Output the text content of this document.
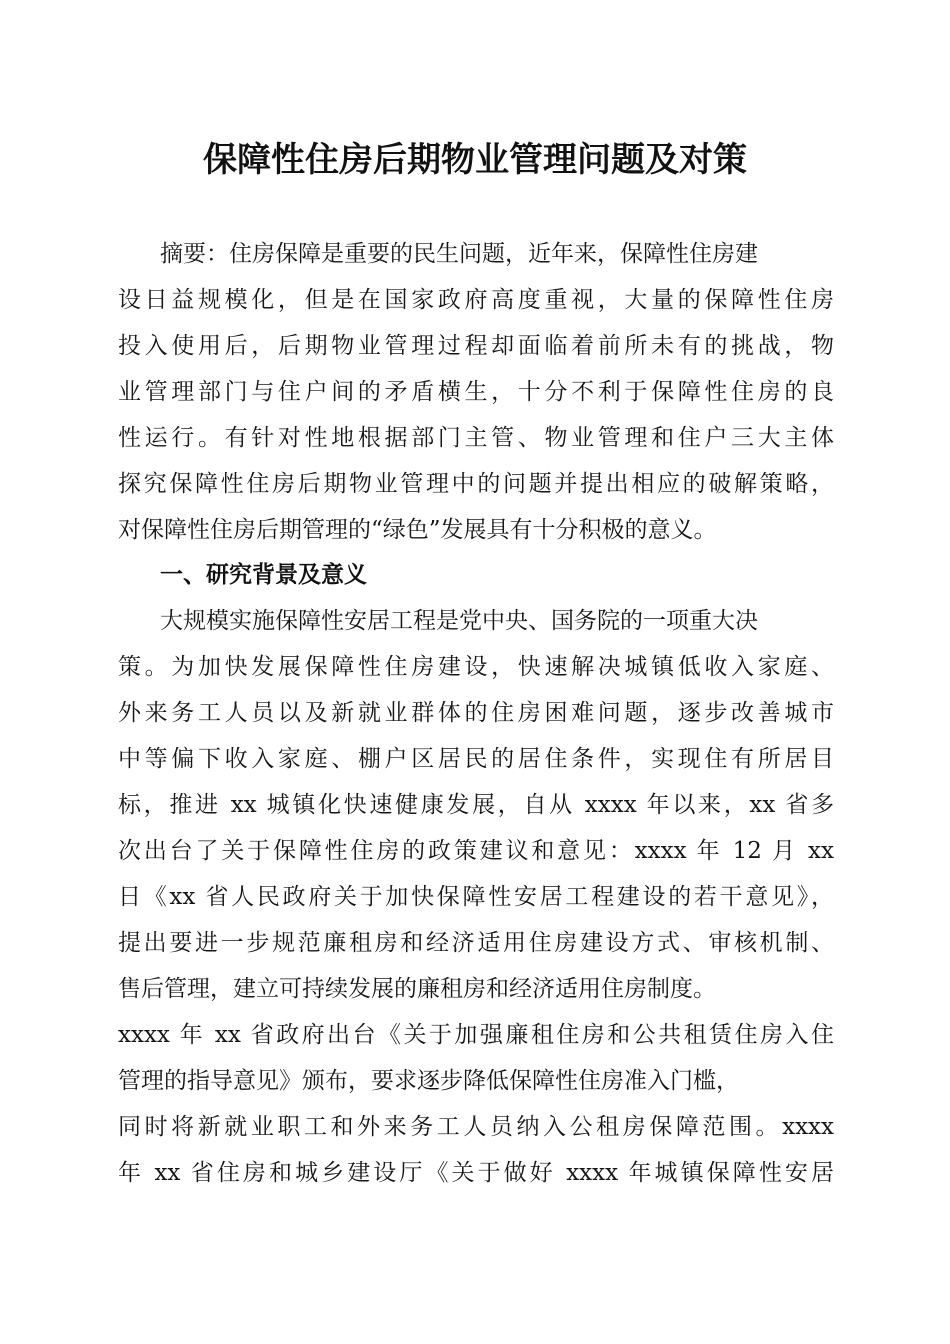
保障性住房后期物业管理问题及对策
摘要：住房保障是重要的民生问题，近年来，保障性住房建
设日益规模化，但是在国家政府高度重视，大量的保障性住房
投入使用后，后期物业管理过程却面临着前所未有的挑战，物
业管理部门与住户间的矛盾横生，十分不利于保障性住房的良
性运行。有针对性地根据部门主管、物业管理和住户三大主体
探究保障性住房后期物业管理中的问题并提出相应的破解策略，
对保障性住房后期管理的“绿色”发展具有十分积极的意义。
一、研究背景及意义
大规模实施保障性安居工程是党中央、国务院的一项重大决
策。为加快发展保障性住房建设，快速解决城镇低收入家庭、
外来务工人员以及新就业群体的住房困难问题，逐步改善城市
中等偏下收入家庭、棚户区居民的居住条件，实现住有所居目
标，推进 xx 城镇化快速健康发展，自从 xxxx 年以来，xx 省多
次出台了关于保障性住房的政策建议和意见：xxxx 年 12 月 xx
日《xx 省人民政府关于加快保障性安居工程建设的若干意见》，
提出要进一步规范廉租房和经济适用住房建设方式、审核机制、
售后管理，建立可持续发展的廉租房和经济适用住房制度。
xxxx 年 xx 省政府出台《关于加强廉租住房和公共租赁住房入住
管理的指导意见》颁布，要求逐步降低保障性住房准入门槛，
同时将新就业职工和外来务工人员纳入公租房保障范围。xxxx
年 xx 省住房和城乡建设厅《关于做好 xxxx 年城镇保障性安居
